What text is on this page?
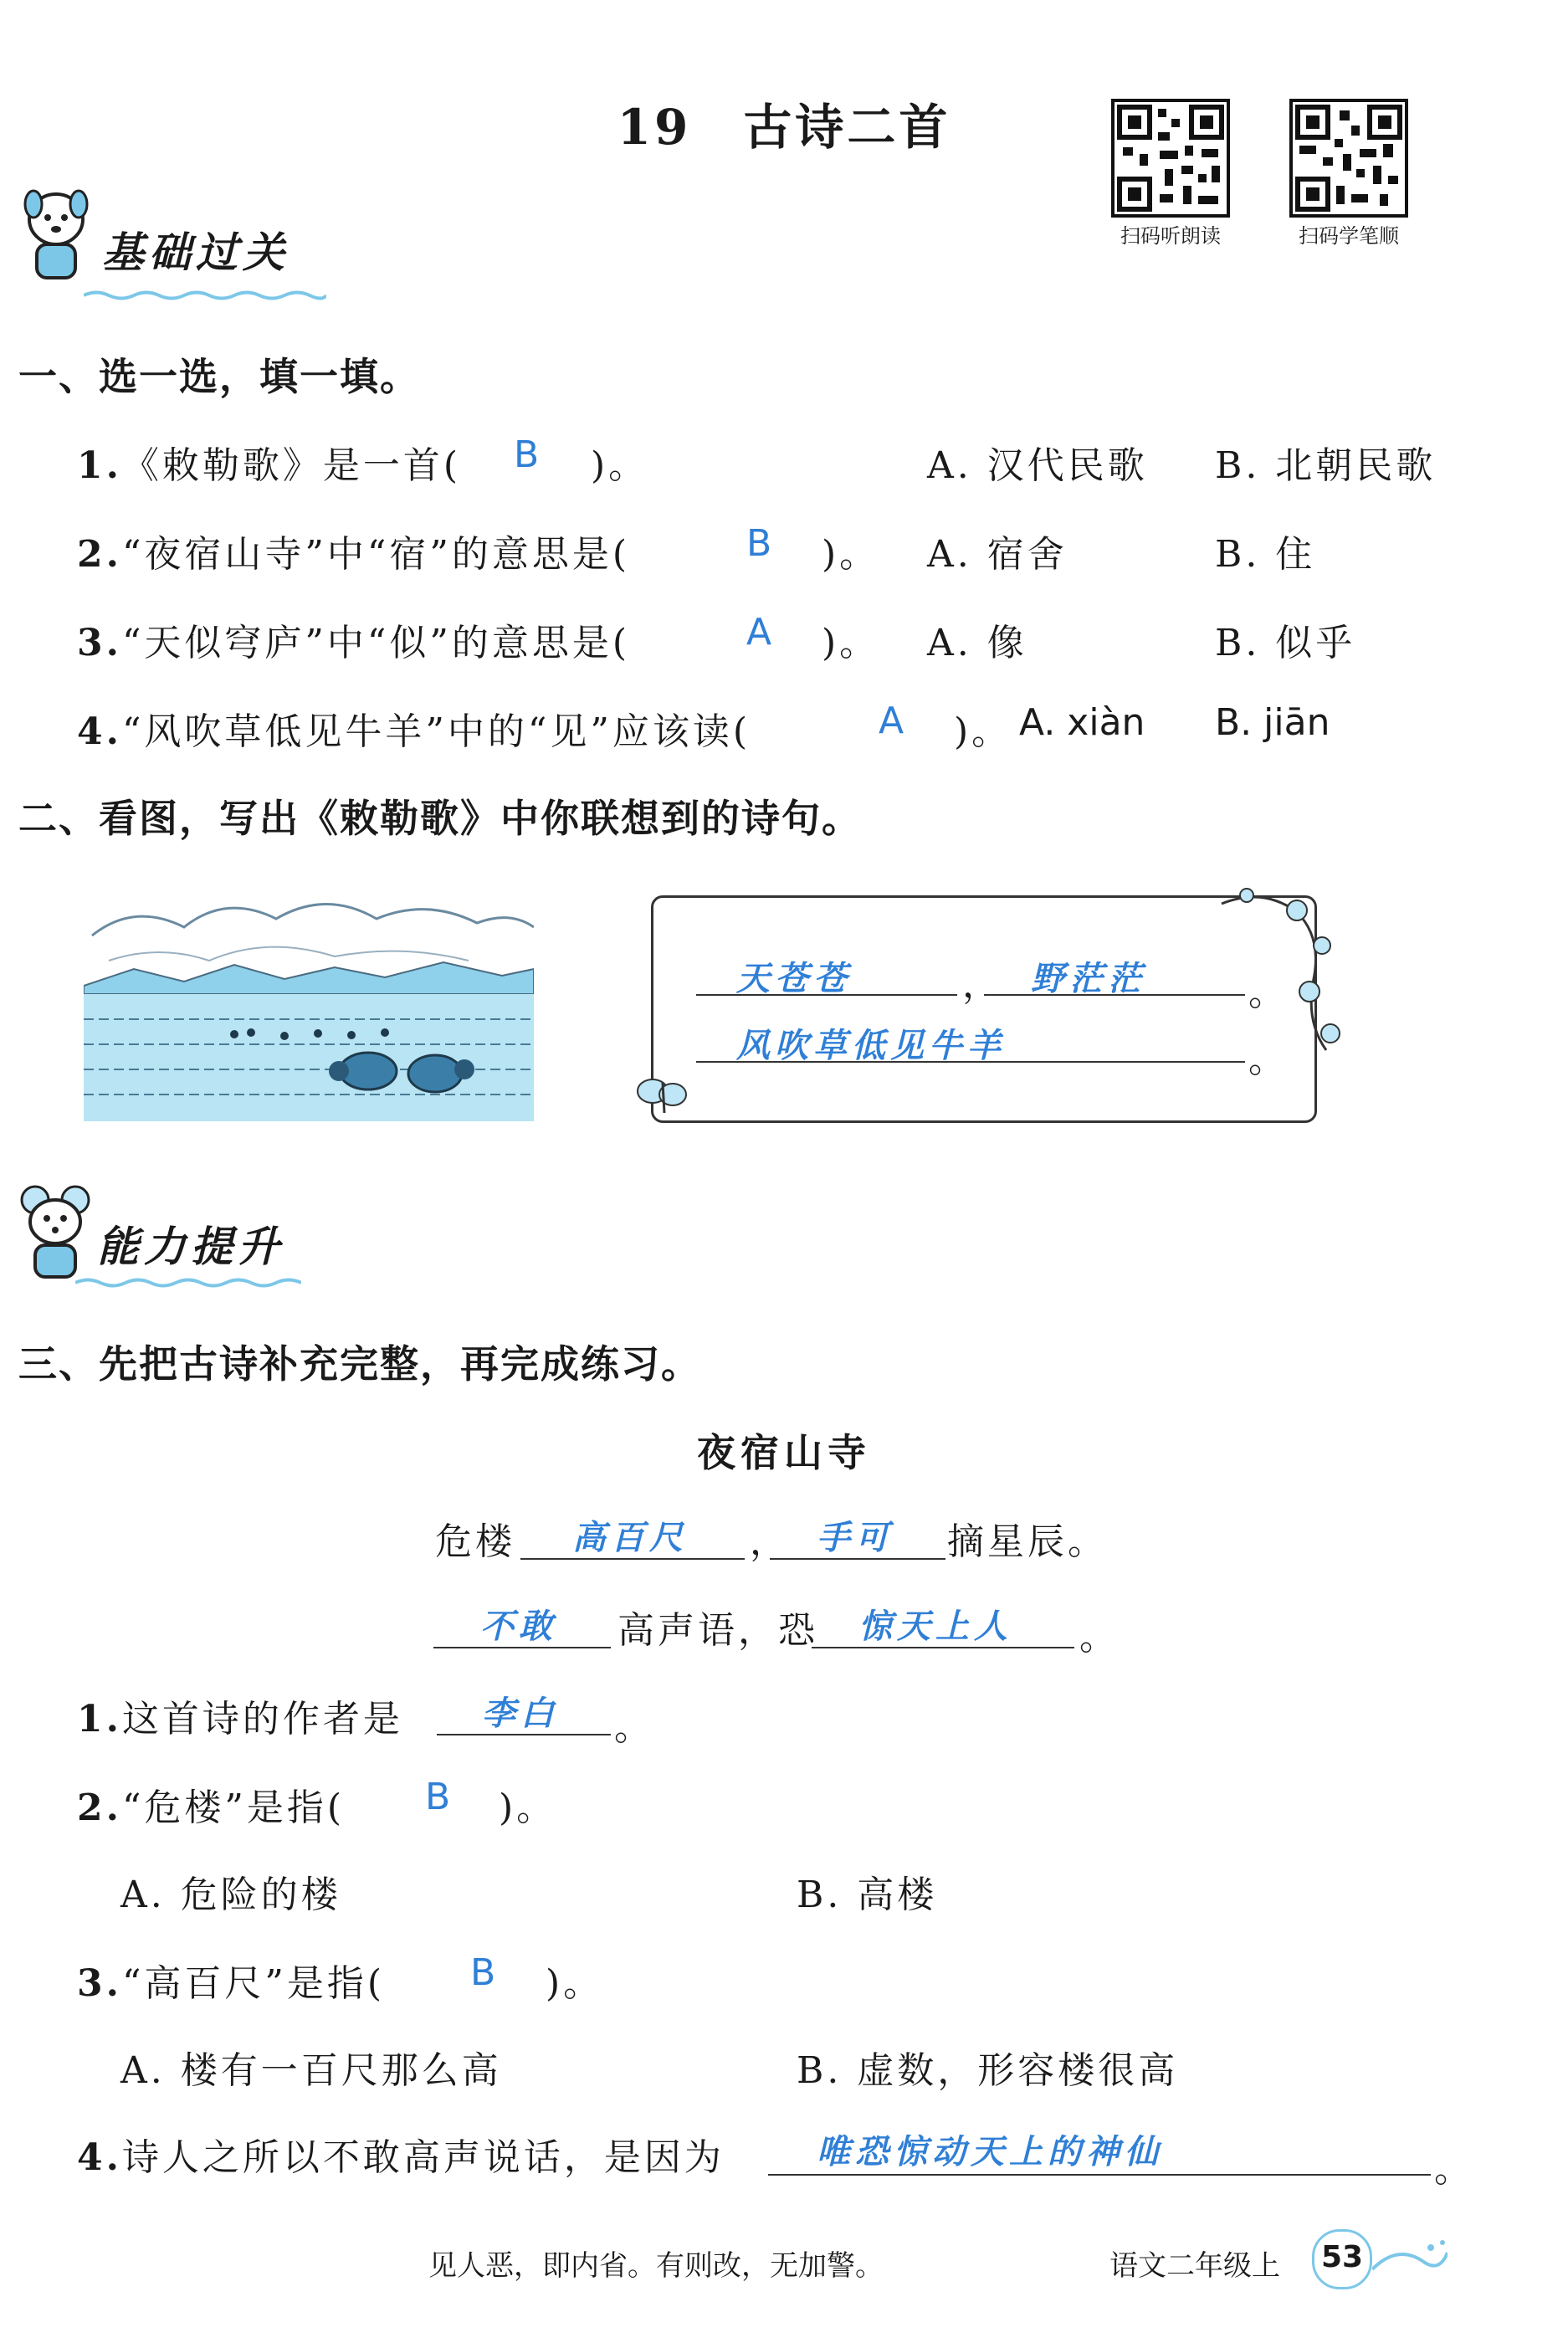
19　古诗二首
扫码听朗读	扫码学笔顺
基础过关
一、选一选，填一填。
1.《敕勒歌》是一首( B )。	A. 汉代民歌 B. 北朝民歌
2.“夜宿山寺”中“宿”的意思是(	B )。 A. 宿舍	B. 住
3.“天似穹庐”中“似”的意思是(	A )。 A. 像	B. 似乎
4.“风吹草低见牛羊”中的“见”应该读(	A )。 A. xiàn B. jiān
二、看图，写出《敕勒歌》中你联想到的诗句。
天苍苍	， 野茫茫	。
风吹草低见牛羊	。
能力提升
三、先把古诗补充完整，再完成练习。
夜宿山寺
危楼 高百尺 ， 手可 摘星辰。
不敢 高声语，恐 惊天上人 。
1.这首诗的作者是 李白 。
2.“危楼”是指( B )。
A. 危险的楼	B. 高楼
3.“高百尺”是指( B )。
A. 楼有一百尺那么高	B. 虚数，形容楼很高
4.诗人之所以不敢高声说话，是因为	唯恐惊动天上的神仙	。
见人恶，即内省。有则改，无加警。	语文二年级上	53
